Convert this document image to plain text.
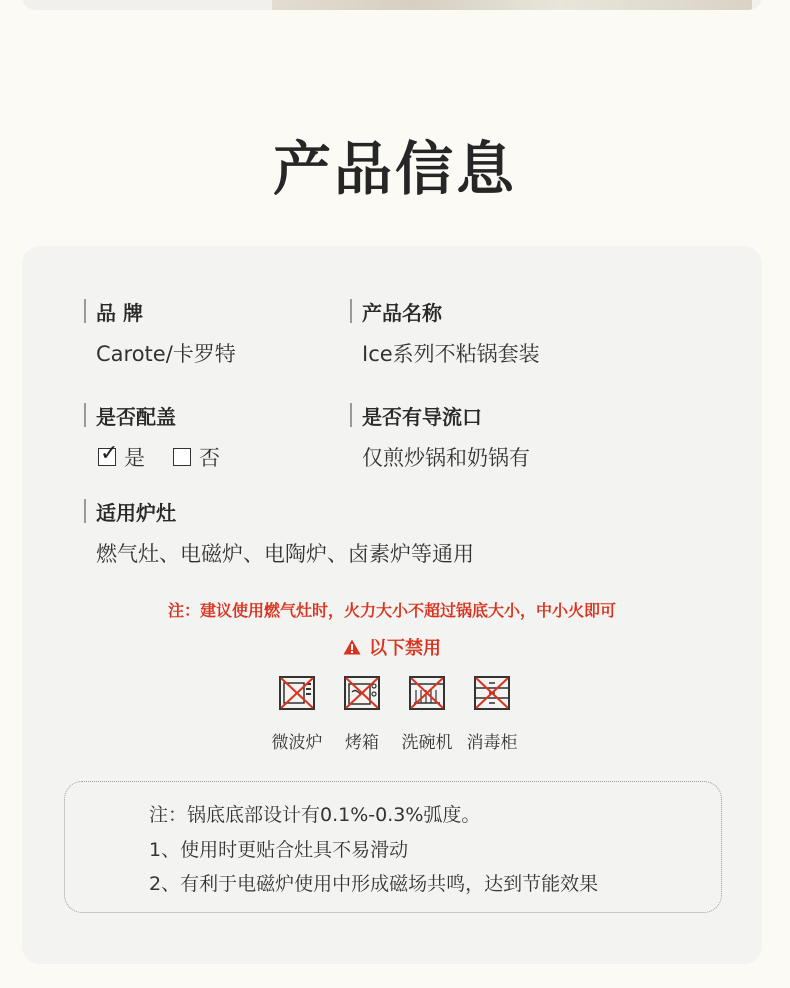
产品信息
品 牌
Carote/卡罗特
产品名称
Ice系列不粘锅套装
是否配盖
✓ 是	否
是否有导流口
仅煎炒锅和奶锅有
适用炉灶
燃气灶、电磁炉、电陶炉、卤素炉等通用
注：建议使用燃气灶时，火力大小不超过锅底大小，中小火即可
以下禁用
微波炉	烤箱	洗碗机 消毒柜
注：锅底底部设计有0.1%-0.3%弧度。
1、使用时更贴合灶具不易滑动
2、有利于电磁炉使用中形成磁场共鸣，达到节能效果
